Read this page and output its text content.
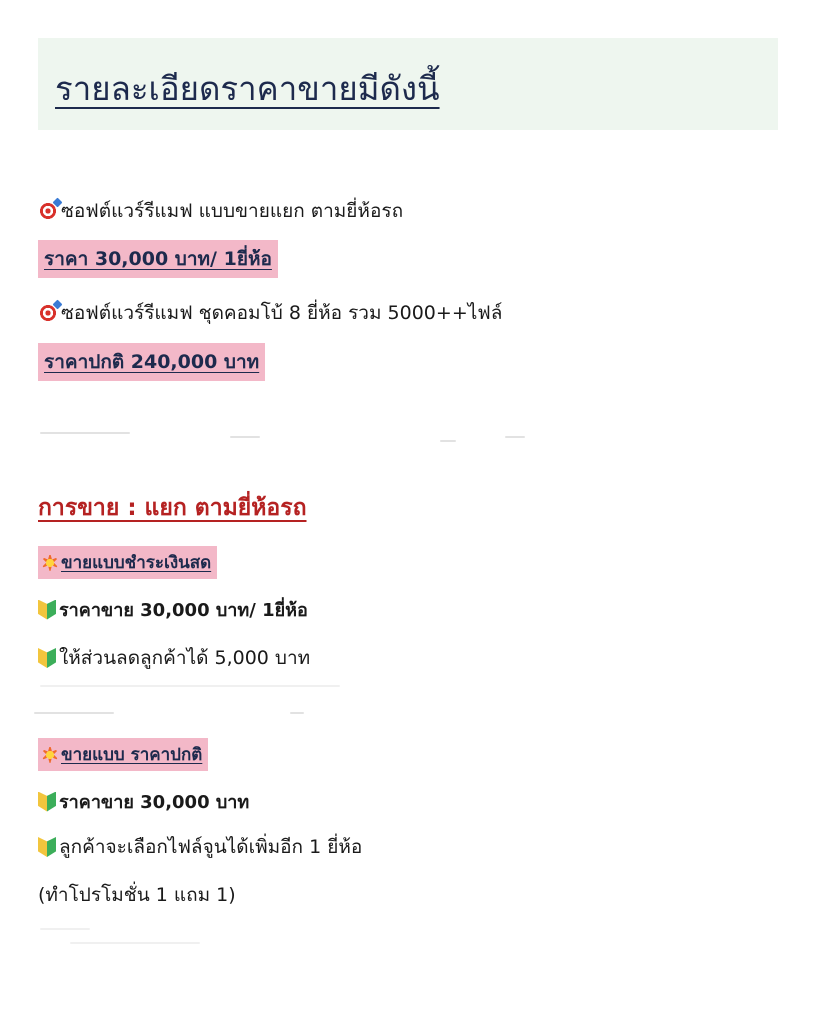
รายละเอียดราคาขายมีดังนี้
ซอฟต์แวร์รีแมฟ แบบขายแยก ตามยี่ห้อรถ
ราคา 30,000 บาท/ 1ยี่ห้อ
ซอฟต์แวร์รีแมฟ ชุดคอมโบ้ 8 ยี่ห้อ รวม 5000++ไฟล์
ราคาปกติ 240,000 บาท
การขาย : แยก ตามยี่ห้อรถ
ขายแบบชำระเงินสด
ราคาขาย 30,000 บาท/ 1ยี่ห้อ
ให้ส่วนลดลูกค้าได้ 5,000 บาท
ขายแบบ ราคาปกติ
ราคาขาย 30,000 บาท
ลูกค้าจะเลือกไฟล์จูนได้เพิ่มอีก 1 ยี่ห้อ
(ทำโปรโมชั่น 1 แถม 1)
